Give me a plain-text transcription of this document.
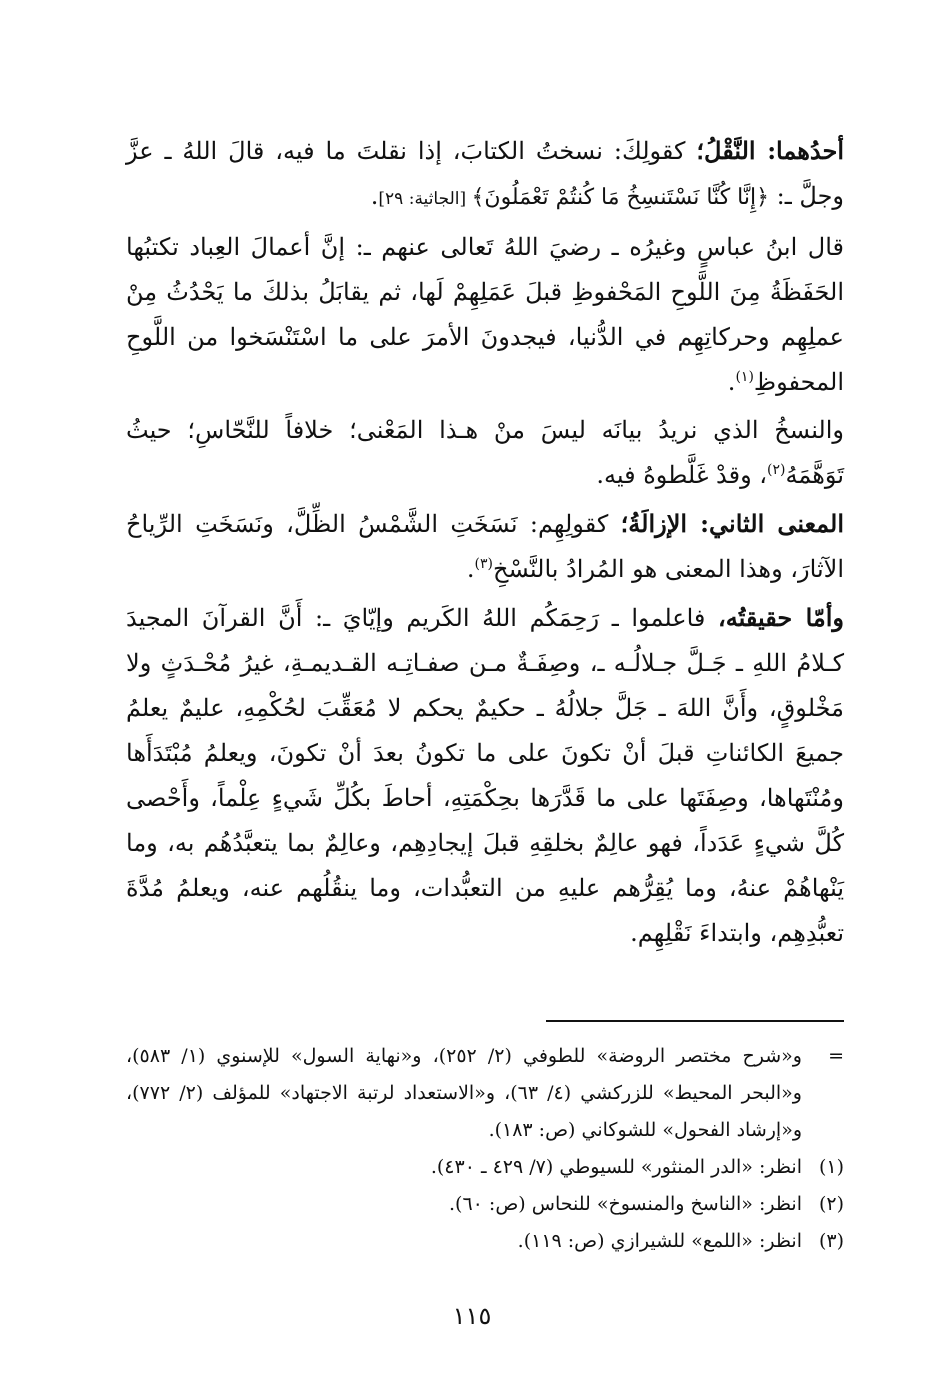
أحدُهما: النَّقْلُ؛ كقولِكَ: نسختُ الكتابَ، إذا نقلتَ ما فيه، قالَ اللهُ ـ عزَّ وجلَّ ـ: ﴿إِنَّا كُنَّا نَسْتَنسِخُ مَا كُنتُمْ تَعْمَلُونَ﴾ [الجاثية: ٢٩].

قال ابنُ عباسٍ وغيرُه ـ رضيَ اللهُ تَعالى عنهم ـ: إنَّ أعمالَ العِباد تكتبُها الحَفَظَةُ مِنَ اللَّوحِ المَحْفوظِ قبلَ عَمَلِهِمْ لَها، ثم يقابَلُ بذلكَ ما يَحْدُثُ مِنْ عملِهِم وحركاتِهِم في الدُّنيا، فيجدونَ الأمرَ على ما اسْتَنْسَخوا من اللَّوحِ المحفوظِ$^{(١)}$.

والنسخُ الذي نريدُ بيانَه ليسَ منْ هـذا المَعْنى؛ خلافاً للنَّحّاسِ؛ حيثُ تَوَهَّمَهُ$^{(٢)}$، وقدْ غَلَّطوهُ فيه.

المعنى الثاني: الإزالَةُ؛ كقولِهِم: نَسَخَتِ الشَّمْسُ الظِّلَّ، ونَسَخَتِ الرِّياحُ الآثارَ، وهذا المعنى هو المُرادُ بالنَّسْخِ$^{(٣)}$.

وأمّا حقيقتُه، فاعلموا ـ رَحِمَكُم اللهُ الكَريم وإيّايَ ـ: أَنَّ القرآنَ المجيدَ كـلامُ اللهِ ـ جَـلَّ جـلالُـه ـ، وصِفَـةٌ مـن صفـاتِـه القـديمـةِ، غيرُ مُحْـدَثٍ ولا مَخْلوقٍ، وأَنَّ اللهَ ـ جَلَّ جلالُهُ ـ حكيمٌ يحكم لا مُعَقِّبَ لحُكْمِهِ، عليمٌ يعلمُ جميعَ الكائناتِ قبلَ أنْ تكونَ على ما تكونُ بعدَ أنْ تكونَ، ويعلمُ مُبْتَدَأَها ومُنْتَهاها، وصِفَتَها على ما قَدَّرَها بحِكْمَتِهِ، أحاطَ بكُلِّ شَيءٍ عِلْماً، وأَحْصى كُلَّ شيءٍ عَدَداً، فهو عالِمٌ بخلقِهِ قبلَ إيجادِهِم، وعالِمٌ بما يتعبَّدُهُم به، وما يَنْهاهُمْ عنهُ، وما يُقِرُّهم عليهِ من التعبُّدات، وما ينقُلُهم عنه، ويعلمُ مُدَّةَ تعبُّدِهِم، وابتداءَ نَقْلِهِم.

=
و«شرح مختصر الروضة» للطوفي (٢/ ٢٥٢)، و«نهاية السول» للإسنوي (١/ ٥٨٣)، و«البحر المحيط» للزركشي (٤/ ٦٣)، و«الاستعداد لرتبة الاجتهاد» للمؤلف (٢/ ٧٧٢)، و«إرشاد الفحول» للشوكاني (ص: ١٨٣).
(١)
انظر: «الدر المنثور» للسيوطي (٧/ ٤٢٩ ـ ٤٣٠).
(٢)
انظر: «الناسخ والمنسوخ» للنحاس (ص: ٦٠).
(٣)
انظر: «اللمع» للشيرازي (ص: ١١٩).
١١٥
